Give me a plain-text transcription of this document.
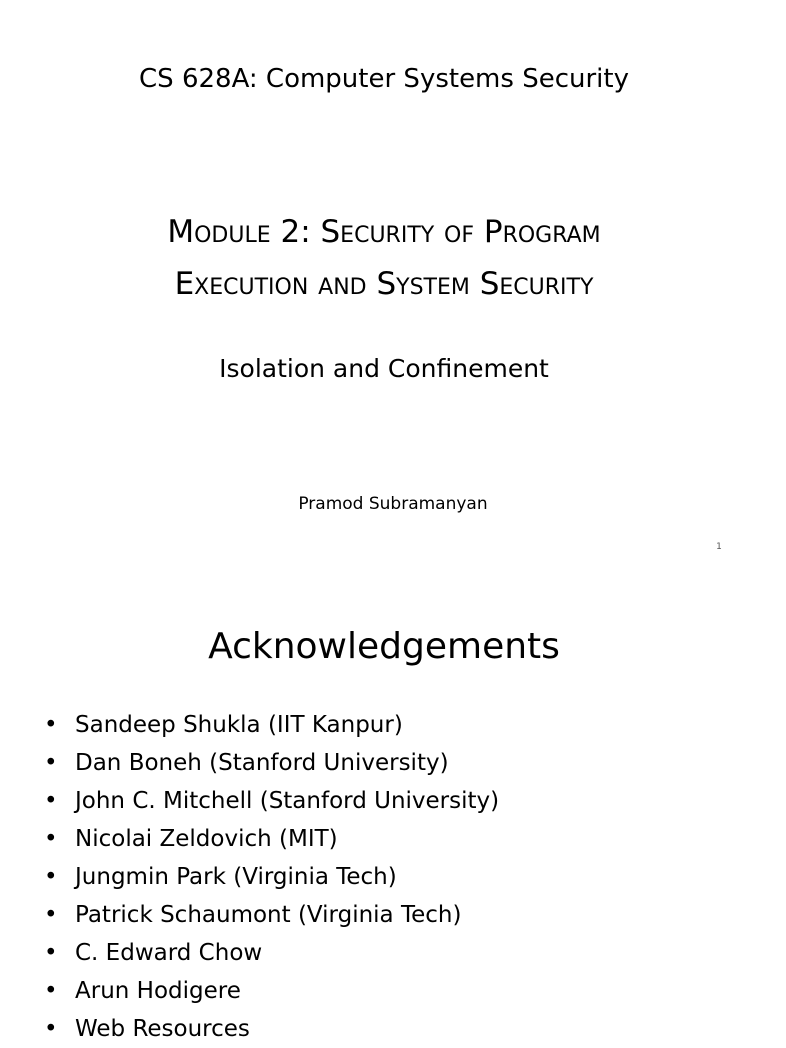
CS 628A: Computer Systems Security
Module 2: Security of Program
Execution and System Security
Isolation and Confinement
Pramod Subramanyan
1
Acknowledgements
• Sandeep Shukla (IIT Kanpur)
• Dan Boneh (Stanford University)
• John C. Mitchell (Stanford University)
• Nicolai Zeldovich (MIT)
• Jungmin Park (Virginia Tech)
• Patrick Schaumont (Virginia Tech)
• C. Edward Chow
• Arun Hodigere
• Web Resources
